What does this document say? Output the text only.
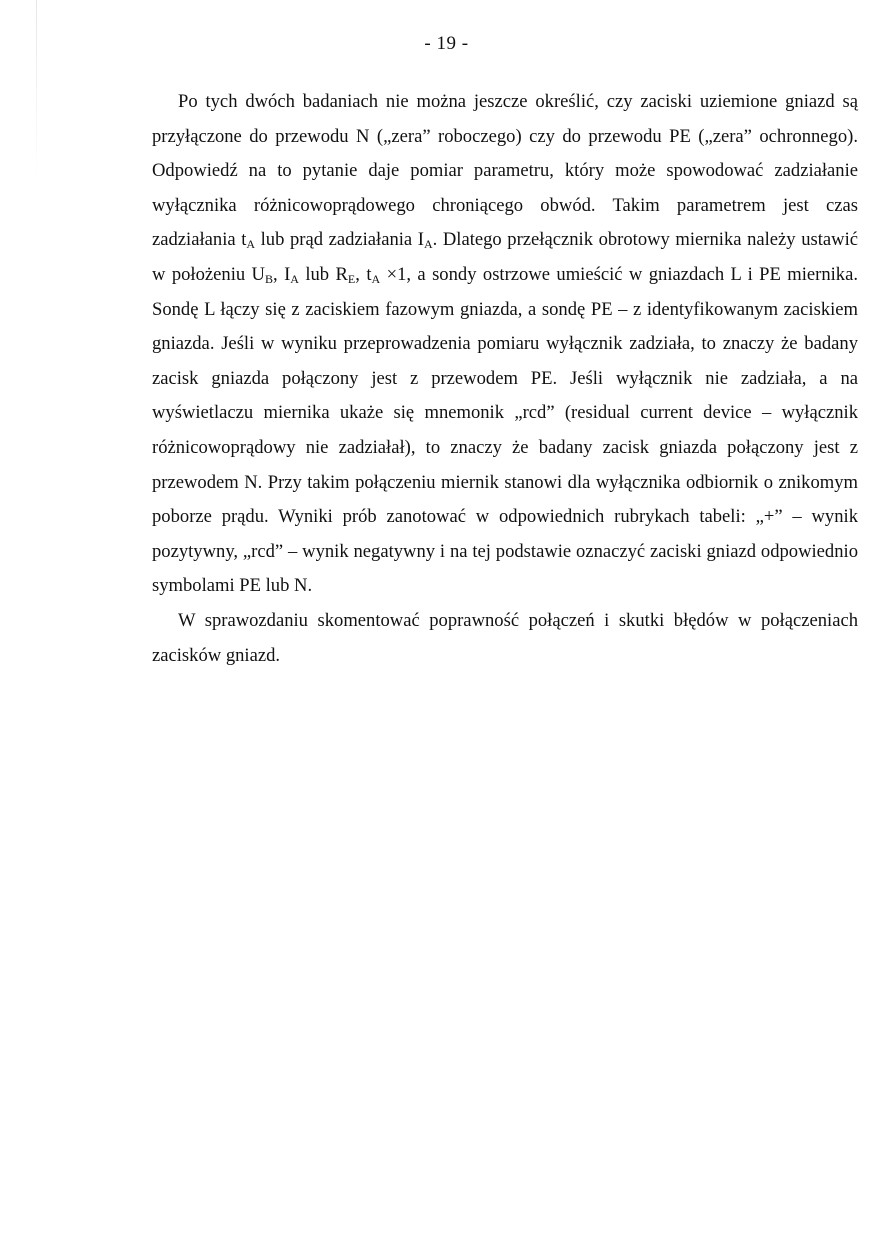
- 19 -

Po tych dwóch badaniach nie można jeszcze określić, czy zaciski uziemione gniazd są przyłączone do przewodu N („zera” roboczego) czy do przewodu PE („zera” ochronnego). Odpowiedź na to pytanie daje pomiar parametru, który może spowodować zadziałanie wyłącznika różnicowoprądowego chroniącego obwód. Takim parametrem jest czas zadziałania $t_A$ lub prąd zadziałania $I_A$. Dlatego przełącznik obrotowy miernika należy ustawić w położeniu $U_B$, $I_A$ lub $R_E$, $t_A \times 1$, a sondy ostrzowe umieścić w gniazdach L i PE miernika. Sondę L łączy się z zaciskiem fazowym gniazda, a sondę PE – z identyfikowanym zaciskiem gniazda. Jeśli w wyniku przeprowadzenia pomiaru wyłącznik zadziała, to znaczy że badany zacisk gniazda połączony jest z przewodem PE. Jeśli wyłącznik nie zadziała, a na wyświetlaczu miernika ukaże się mnemonik „rcd” (residual current device – wyłącznik różnicowoprądowy nie zadziałał), to znaczy że badany zacisk gniazda połączony jest z przewodem N. Przy takim połączeniu miernik stanowi dla wyłącznika odbiornik o znikomym poborze prądu. Wyniki prób zanotować w odpowiednich rubrykach tabeli: „+” – wynik pozytywny, „rcd” – wynik negatywny i na tej podstawie oznaczyć zaciski gniazd odpowiednio symbolami PE lub N.

W sprawozdaniu skomentować poprawność połączeń i skutki błędów w połączeniach zacisków gniazd.
